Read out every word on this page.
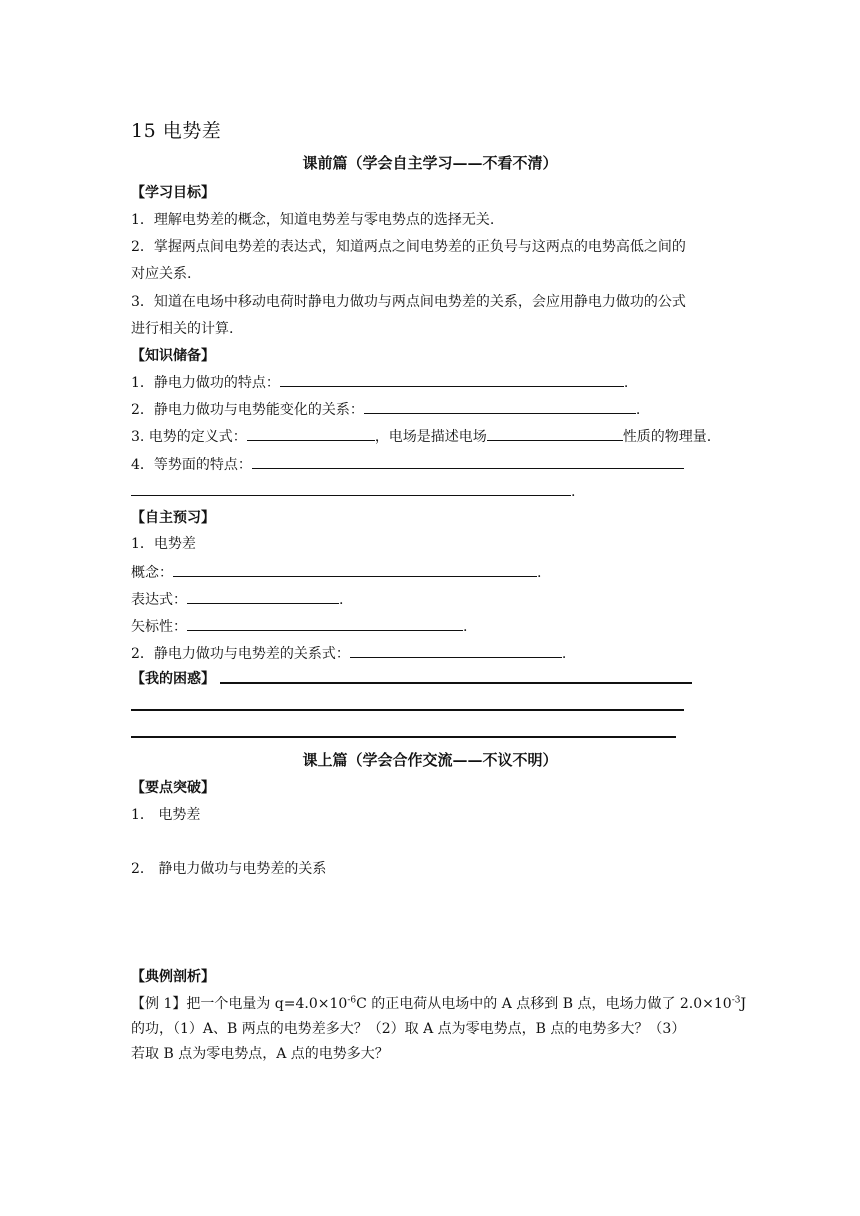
15 电势差
课前篇（学会自主学习——不看不清）
【学习目标】
1．理解电势差的概念，知道电势差与零电势点的选择无关.
2．掌握两点间电势差的表达式，知道两点之间电势差的正负号与这两点的电势高低之间的
对应关系.
3．知道在电场中移动电荷时静电力做功与两点间电势差的关系，会应用静电力做功的公式
进行相关的计算.
【知识储备】
1．静电力做功的特点：	.
2．静电力做功与电势能变化的关系：	.
3. 电势的定义式：	，电场是描述电场	性质的物理量.
4．等势面的特点：
.
【自主预习】
1．电势差
概念：	.
表达式：	.
矢标性：	.
2．静电力做功与电势差的关系式：	.
【我的困惑】
课上篇（学会合作交流——不议不明）
【要点突破】
1． 电势差
2． 静电力做功与电势差的关系
【典例剖析】
【例 1】把一个电量为 $q=4.0\times 10^{-6}C$ 的正电荷从电场中的 A 点移到 B 点，电场力做了 $2.0\times 10^{-3}J$
的功，（1）A、B 两点的电势差多大？（2）取 A 点为零电势点，B 点的电势多大？（3）
若取 B 点为零电势点，A 点的电势多大？
